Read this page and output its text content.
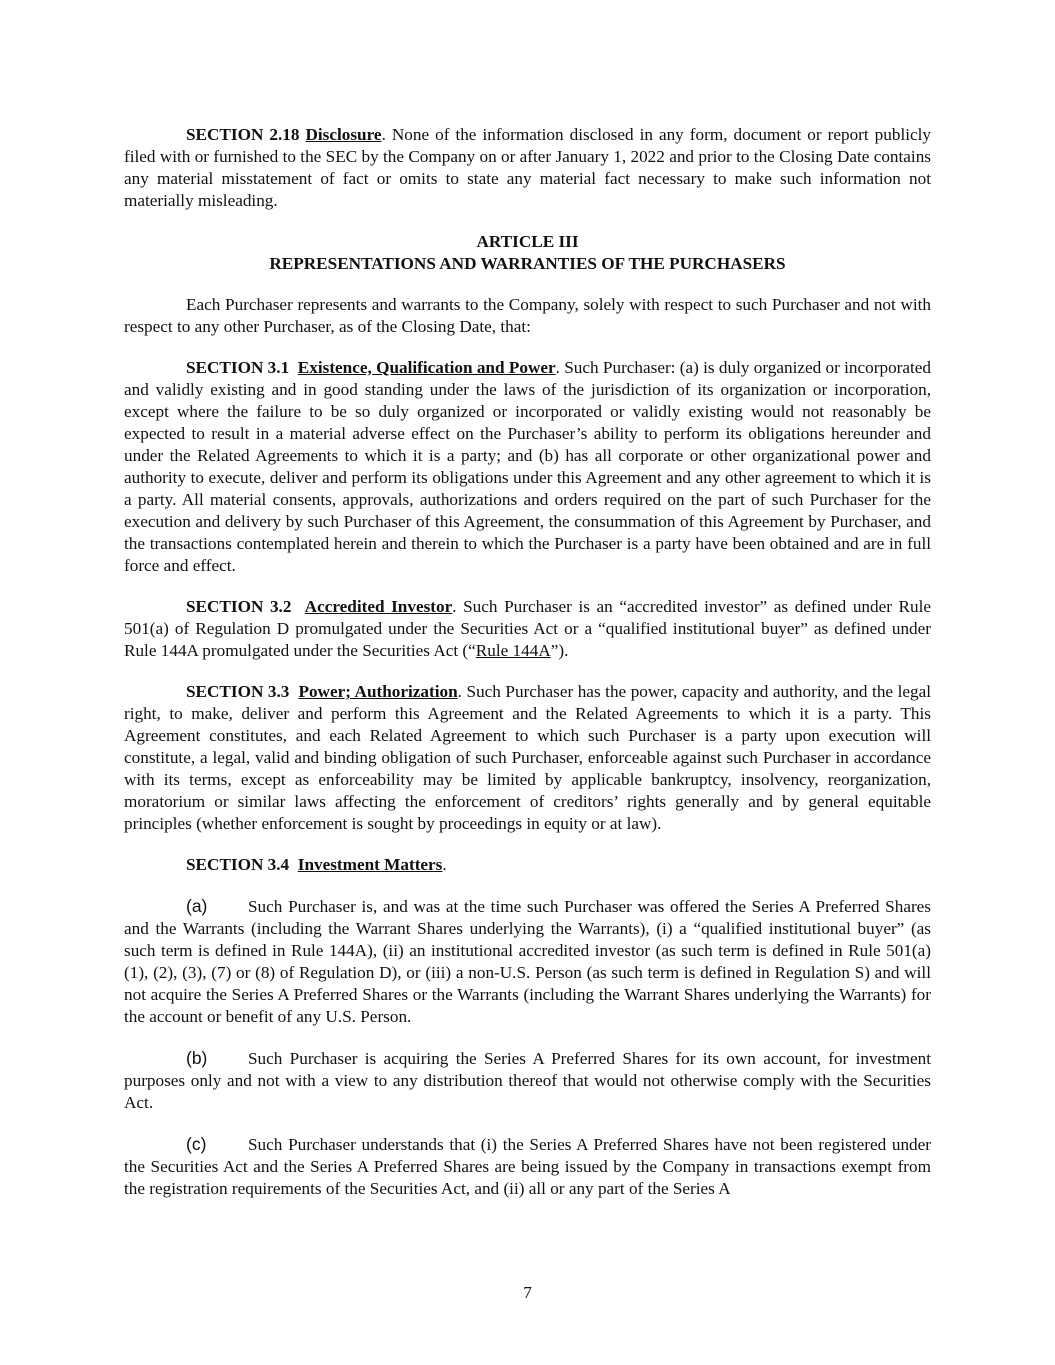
SECTION 2.18 Disclosure. None of the information disclosed in any form, document or report publicly filed with or furnished to the SEC by the Company on or after January 1, 2022 and prior to the Closing Date contains any material misstatement of fact or omits to state any material fact necessary to make such information not materially misleading.

ARTICLE III
REPRESENTATIONS AND WARRANTIES OF THE PURCHASERS

Each Purchaser represents and warrants to the Company, solely with respect to such Purchaser and not with respect to any other Purchaser, as of the Closing Date, that:

SECTION 3.1 Existence, Qualification and Power. Such Purchaser: (a) is duly organized or incorporated and validly existing and in good standing under the laws of the jurisdiction of its organization or incorporation, except where the failure to be so duly organized or incorporated or validly existing would not reasonably be expected to result in a material adverse effect on the Purchaser’s ability to perform its obligations hereunder and under the Related Agreements to which it is a party; and (b) has all corporate or other organizational power and authority to execute, deliver and perform its obligations under this Agreement and any other agreement to which it is a party. All material consents, approvals, authorizations and orders required on the part of such Purchaser for the execution and delivery by such Purchaser of this Agreement, the consummation of this Agreement by Purchaser, and the transactions contemplated herein and therein to which the Purchaser is a party have been obtained and are in full force and effect.

SECTION 3.2 Accredited Investor. Such Purchaser is an “accredited investor” as defined under Rule 501(a) of Regulation D promulgated under the Securities Act or a “qualified institutional buyer” as defined under Rule 144A promulgated under the Securities Act (“Rule 144A”).

SECTION 3.3 Power; Authorization. Such Purchaser has the power, capacity and authority, and the legal right, to make, deliver and perform this Agreement and the Related Agreements to which it is a party. This Agreement constitutes, and each Related Agreement to which such Purchaser is a party upon execution will constitute, a legal, valid and binding obligation of such Purchaser, enforceable against such Purchaser in accordance with its terms, except as enforceability may be limited by applicable bankruptcy, insolvency, reorganization, moratorium or similar laws affecting the enforcement of creditors’ rights generally and by general equitable principles (whether enforcement is sought by proceedings in equity or at law).

SECTION 3.4 Investment Matters.

(a) Such Purchaser is, and was at the time such Purchaser was offered the Series A Preferred Shares and the Warrants (including the Warrant Shares underlying the Warrants), (i) a “qualified institutional buyer” (as such term is defined in Rule 144A), (ii) an institutional accredited investor (as such term is defined in Rule 501(a)(1), (2), (3), (7) or (8) of Regulation D), or (iii) a non-U.S. Person (as such term is defined in Regulation S) and will not acquire the Series A Preferred Shares or the Warrants (including the Warrant Shares underlying the Warrants) for the account or benefit of any U.S. Person.

(b) Such Purchaser is acquiring the Series A Preferred Shares for its own account, for investment purposes only and not with a view to any distribution thereof that would not otherwise comply with the Securities Act.

(c) Such Purchaser understands that (i) the Series A Preferred Shares have not been registered under the Securities Act and the Series A Preferred Shares are being issued by the Company in transactions exempt from the registration requirements of the Securities Act, and (ii) all or any part of the Series A

7
